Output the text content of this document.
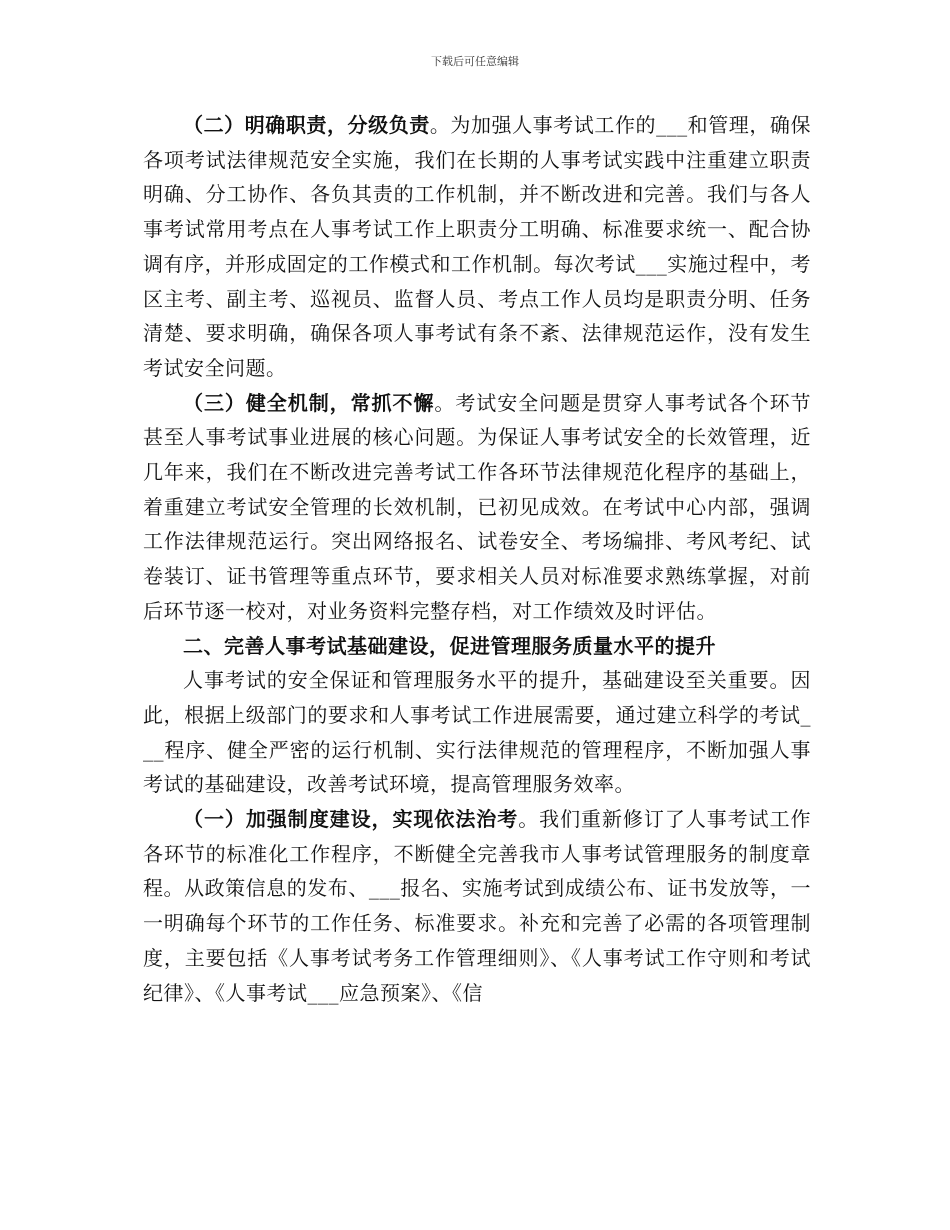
下载后可任意编辑

（二）明确职责，分级负责。为加强人事考试工作的___和管理，确保各项考试法律规范安全实施，我们在长期的人事考试实践中注重建立职责明确、分工协作、各负其责的工作机制，并不断改进和完善。我们与各人事考试常用考点在人事考试工作上职责分工明确、标准要求统一、配合协调有序，并形成固定的工作模式和工作机制。每次考试___实施过程中，考区主考、副主考、巡视员、监督人员、考点工作人员均是职责分明、任务清楚、要求明确，确保各项人事考试有条不紊、法律规范运作，没有发生考试安全问题。

（三）健全机制，常抓不懈。考试安全问题是贯穿人事考试各个环节甚至人事考试事业进展的核心问题。为保证人事考试安全的长效管理，近几年来，我们在不断改进完善考试工作各环节法律规范化程序的基础上，着重建立考试安全管理的长效机制，已初见成效。在考试中心内部，强调工作法律规范运行。突出网络报名、试卷安全、考场编排、考风考纪、试卷装订、证书管理等重点环节，要求相关人员对标准要求熟练掌握，对前后环节逐一校对，对业务资料完整存档，对工作绩效及时评估。

二、完善人事考试基础建设，促进管理服务质量水平的提升

人事考试的安全保证和管理服务水平的提升，基础建设至关重要。因此，根据上级部门的要求和人事考试工作进展需要，通过建立科学的考试___程序、健全严密的运行机制、实行法律规范的管理程序，不断加强人事考试的基础建设，改善考试环境，提高管理服务效率。

（一）加强制度建设，实现依法治考。我们重新修订了人事考试工作各环节的标准化工作程序，不断健全完善我市人事考试管理服务的制度章程。从政策信息的发布、___报名、实施考试到成绩公布、证书发放等，一一明确每个环节的工作任务、标准要求。补充和完善了必需的各项管理制度，主要包括《人事考试考务工作管理细则》、《人事考试工作守则和考试纪律》、《人事考试___应急预案》、《信
